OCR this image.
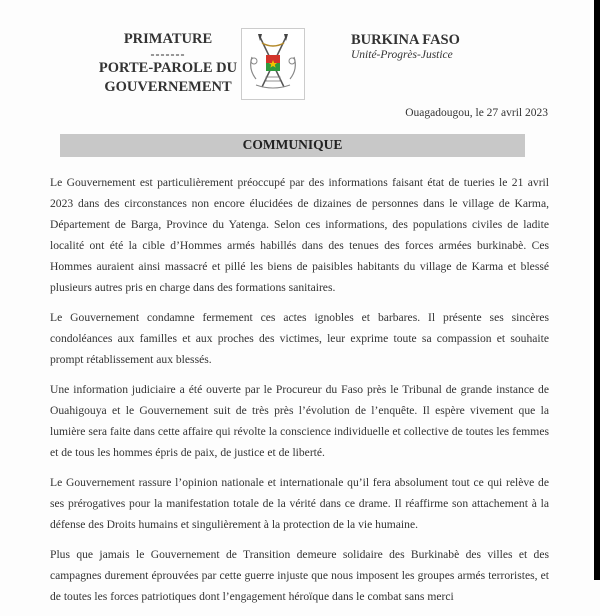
PRIMATURE
-------
PORTE-PAROLE DU
GOUVERNEMENT
BURKINA FASO
Unité-Progrès-Justice
Ouagadougou, le 27 avril 2023
COMMUNIQUE

Le Gouvernement est particulièrement préoccupé par des informations faisant état de tueries le 21 avril 2023 dans des circonstances non encore élucidées de dizaines de personnes dans le village de Karma, Département de Barga, Province du Yatenga. Selon ces informations, des populations civiles de ladite localité ont été la cible d’Hommes armés habillés dans des tenues des forces armées burkinabè. Ces Hommes auraient ainsi massacré et pillé les biens de paisibles habitants du village de Karma et blessé plusieurs autres pris en charge dans des formations sanitaires.

Le Gouvernement condamne fermement ces actes ignobles et barbares. Il présente ses sincères condoléances aux familles et aux proches des victimes, leur exprime toute sa compassion et souhaite prompt rétablissement aux blessés.

Une information judiciaire a été ouverte par le Procureur du Faso près le Tribunal de grande instance de Ouahigouya et le Gouvernement suit de très près l’évolution de l’enquête. Il espère vivement que la lumière sera faite dans cette affaire qui révolte la conscience individuelle et collective de toutes les femmes et de tous les hommes épris de paix, de justice et de liberté.

Le Gouvernement rassure l’opinion nationale et internationale qu’il fera absolument tout ce qui relève de ses prérogatives pour la manifestation totale de la vérité dans ce drame. Il réaffirme son attachement à la défense des Droits humains et singulièrement à la protection de la vie humaine.

Plus que jamais le Gouvernement de Transition demeure solidaire des Burkinabè des villes et des campagnes durement éprouvées par cette guerre injuste que nous imposent les groupes armés terroristes, et de toutes les forces patriotiques dont l’engagement héroïque dans le combat sans merci
